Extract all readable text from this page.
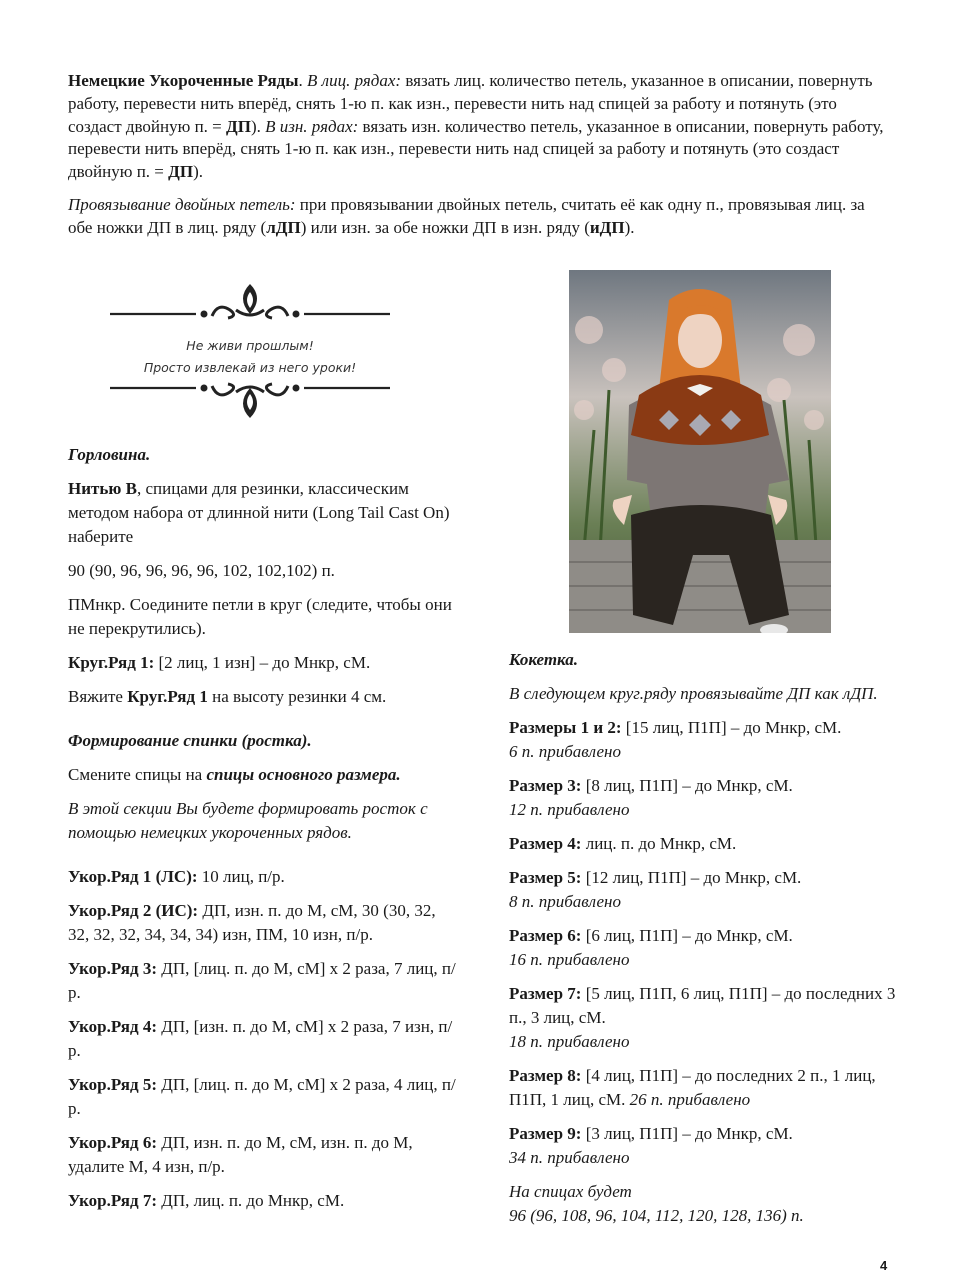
Немецкие Укороченные Ряды. В лиц. рядах: вязать лиц. количество петель, указанное в описании, повернуть работу, перевести нить вперёд, снять 1-ю п. как изн., перевести нить над спицей за работу и потянуть (это создаст двойную п. = ДП). В изн. рядах: вязать изн. количество петель, указанное в описании, повернуть работу, перевести нить вперёд, снять 1-ю п. как изн., перевести нить над спицей за работу и потянуть (это создаст двойную п. = ДП).

Провязывание двойных петель: при провязывании двойных петель, считать её как одну п., провязывая лиц. за обе ножки ДП в лиц. ряду (лДП) или изн. за обе ножки ДП в изн. ряду (иДП).

Не живи прошлым!
Просто извлекай из него уроки!
Горловина.
Нитью В, спицами для резинки, классическим методом набора от длинной нити (Long Tail Cast On) наберите
90 (90, 96, 96, 96, 96, 102, 102,102) п.
ПМнкр. Соедините петли в круг (следите, чтобы они не перекрутились).
Круг.Ряд 1: [2 лиц, 1 изн] – до Мнкр, сМ.
Вяжите Круг.Ряд 1 на высоту резинки 4 см.
Формирование спинки (ростка).
Смените спицы на спицы основного размера.
В этой секции Вы будете формировать росток с помощью немецких укороченных рядов.
Укор.Ряд 1 (ЛС): 10 лиц, п/р.
Укор.Ряд 2 (ИС): ДП, изн. п. до М, сМ, 30 (30, 32, 32, 32, 32, 34, 34, 34) изн, ПМ, 10 изн, п/р.
Укор.Ряд 3: ДП, [лиц. п. до М, сМ] х 2 раза, 7 лиц, п/р.
Укор.Ряд 4: ДП, [изн. п. до М, сМ] х 2 раза, 7 изн, п/р.
Укор.Ряд 5: ДП, [лиц. п. до М, сМ] х 2 раза, 4 лиц, п/р.
Укор.Ряд 6: ДП, изн. п. до М, сМ, изн. п. до М, удалите М, 4 изн, п/р.
Укор.Ряд 7: ДП, лиц. п. до Мнкр, сМ.
Кокетка.
В следующем круг.ряду провязывайте ДП как лДП.
Размеры 1 и 2: [15 лиц, П1П] – до Мнкр, сМ.
6 п. прибавлено
Размер 3: [8 лиц, П1П] – до Мнкр, сМ.
12 п. прибавлено
Размер 4: лиц. п. до Мнкр, сМ.
Размер 5: [12 лиц, П1П] – до Мнкр, сМ.
8 п. прибавлено
Размер 6: [6 лиц, П1П] – до Мнкр, сМ.
16 п. прибавлено
Размер 7: [5 лиц, П1П, 6 лиц, П1П] – до последних 3 п., 3 лиц, сМ.
18 п. прибавлено
Размер 8: [4 лиц, П1П] – до последних 2 п., 1 лиц, П1П, 1 лиц, сМ. 26 п. прибавлено
Размер 9: [3 лиц, П1П] – до Мнкр, сМ.
34 п. прибавлено
На спицах будет
96 (96, 108, 96, 104, 112, 120, 128, 136) п.
4
